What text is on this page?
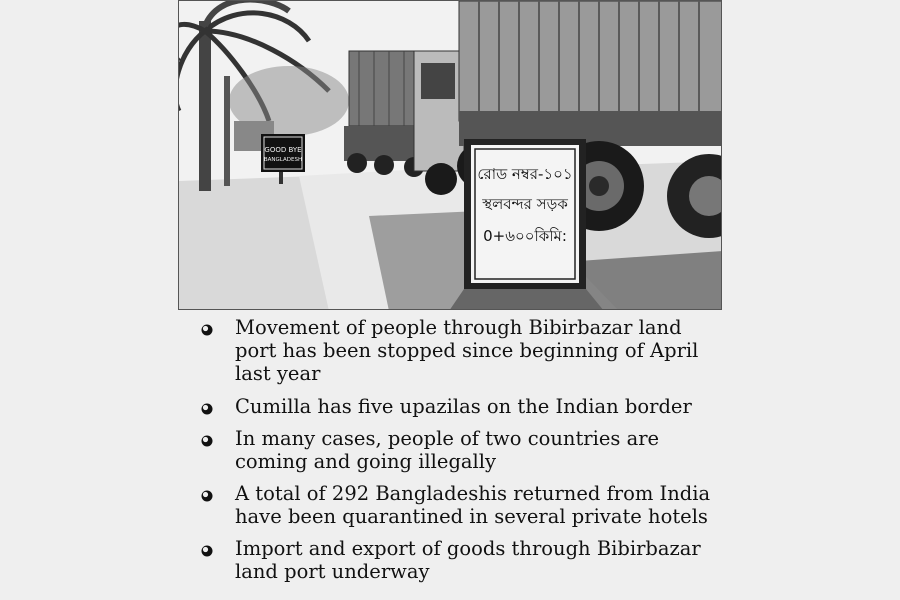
GOOD BYE
BANGLADESH
রোড নম্বর-১০১
স্থলবন্দর সড়ক
0+৬০০কিমি:
Movement of people through Bibirbazar land port has been stopped since beginning of April last year
Cumilla has five upazilas on the Indian border
In many cases, people of two countries are coming and going illegally
A total of 292 Bangladeshis returned from India have been quarantined in several private hotels
Import and export of goods through Bibirbazar land port underway
